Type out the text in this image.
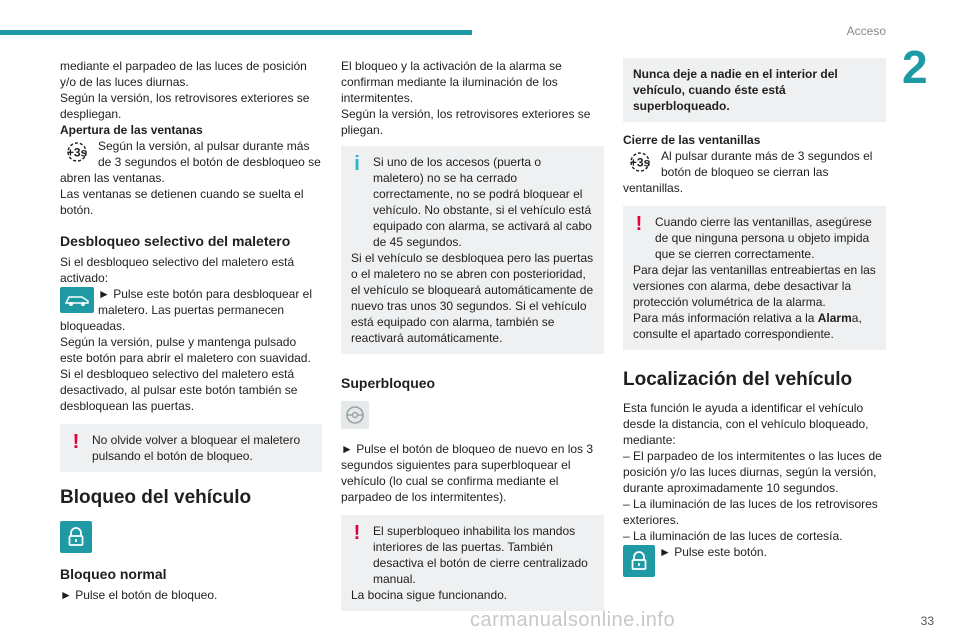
Acceso
2

mediante el parpadeo de las luces de posición y/o de las luces diurnas.

Según la versión, los retrovisores exteriores se despliegan.

Apertura de las ventanas

+3s Según la versión, al pulsar durante más de 3 segundos el botón de desbloqueo se abren las ventanas.

Las ventanas se detienen cuando se suelta el botón.

Desbloqueo selectivo del maletero

Si el desbloqueo selectivo del maletero está activado:

► Pulse este botón para desbloquear el maletero. Las puertas permanecen bloqueadas.

Según la versión, pulse y mantenga pulsado este botón para abrir el maletero con suavidad.

Si el desbloqueo selectivo del maletero está desactivado, al pulsar este botón también se desbloquean las puertas.

!	No olvide volver a bloquear el maletero pulsando el botón de bloqueo.

Bloqueo del vehículo

Bloqueo normal

► Pulse el botón de bloqueo.

El bloqueo y la activación de la alarma se confirman mediante la iluminación de los intermitentes.

Según la versión, los retrovisores exteriores se pliegan.

i	Si uno de los accesos (puerta o maletero) no se ha cerrado correctamente, no se podrá bloquear el vehículo. No obstante, si el vehículo está equipado con alarma, se activará al cabo de 45 segundos.
Si el vehículo se desbloquea pero las puertas o el maletero no se abren con posterioridad, el vehículo se bloqueará automáticamente de nuevo tras unos 30 segundos. Si el vehículo está equipado con alarma, también se reactivará automáticamente.

Superbloqueo

► Pulse el botón de bloqueo de nuevo en los 3 segundos siguientes para superbloquear el vehículo (lo cual se confirma mediante el parpadeo de los intermitentes).

!	El superbloqueo inhabilita los mandos interiores de las puertas. También desactiva el botón de cierre centralizado manual.
La bocina sigue funcionando.
Nunca deje a nadie en el interior del vehículo, cuando éste está superbloqueado.

Cierre de las ventanillas

+3s Al pulsar durante más de 3 segundos el botón de bloqueo se cierran las ventanillas.

!	Cuando cierre las ventanillas, asegúrese de que ninguna persona u objeto impida que se cierren correctamente.
Para dejar las ventanillas entreabiertas en las versiones con alarma, debe desactivar la protección volumétrica de la alarma.
Para más información relativa a la Alarma, consulte el apartado correspondiente.

Localización del vehículo

Esta función le ayuda a identificar el vehículo desde la distancia, con el vehículo bloqueado, mediante:

– El parpadeo de los intermitentes o las luces de posición y/o las luces diurnas, según la versión, durante aproximadamente 10 segundos.

– La iluminación de las luces de los retrovisores exteriores.

– La iluminación de las luces de cortesía.

► Pulse este botón.

carmanualsonline.info	33
